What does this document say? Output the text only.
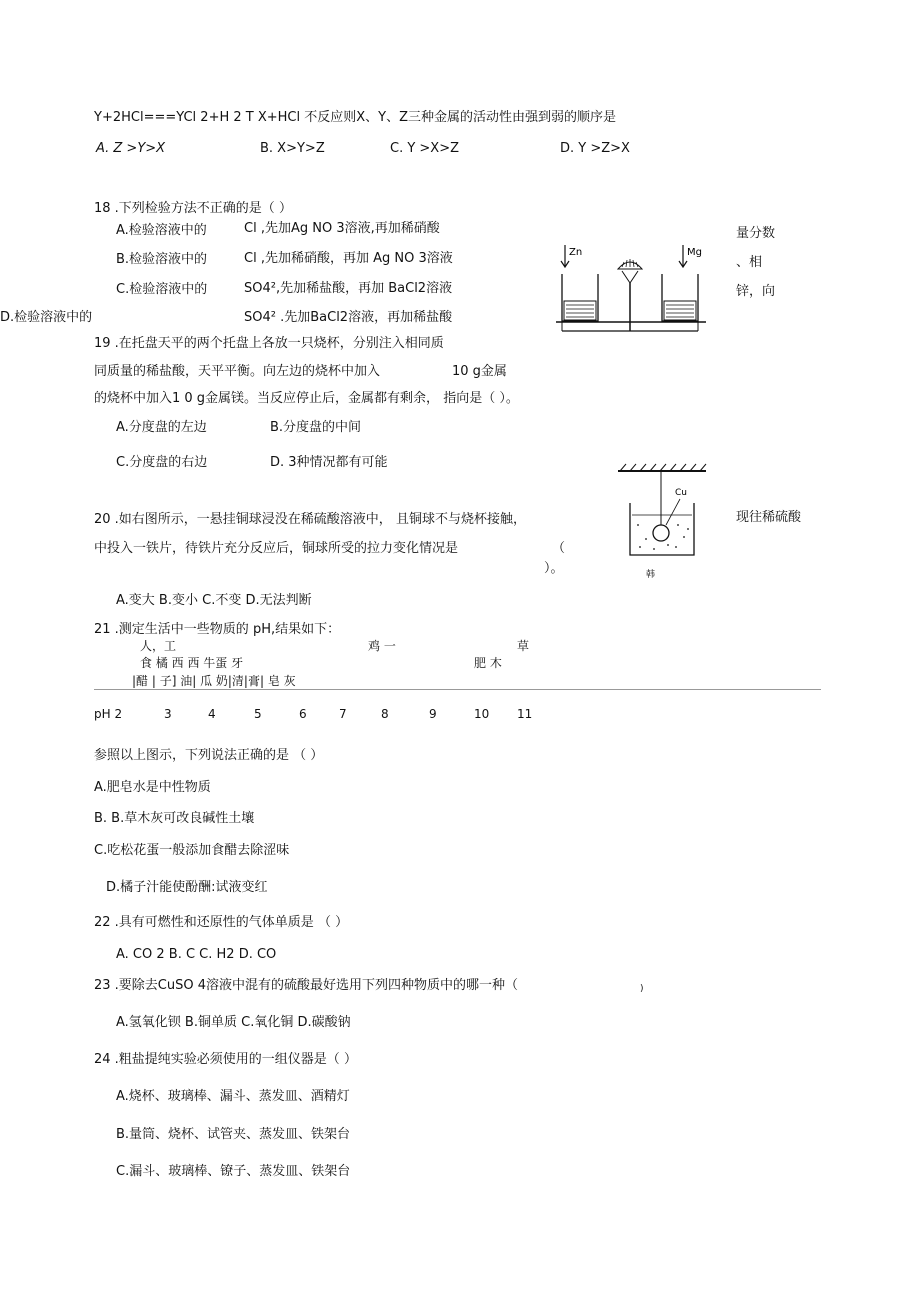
Y+2HCl===YCl 2+H 2 T X+HCl 不反应则X、Y、Z三种金属的活动性由强到弱的顺序是
A. Z >Y>X	B. X>Y>Z	C. Y >X>Z	D. Y >Z>X
18 .下列检验方法不正确的是（ ）
A.检验溶液中的	Cl ,先加Ag NO 3溶液,再加稀硝酸
B.检验溶液中的	Cl ,先加稀硝酸，再加 Ag NO 3溶液
C.检验溶液中的	SO4²,先加稀盐酸，再加 BaCl2溶液
D.检验溶液中的	SO4² .先加BaCl2溶液，再加稀盐酸
量分数
、相
锌，向
现往稀硫酸
Zn	Mg
19 .在托盘天平的两个托盘上各放一只烧杯，分别注入相同质
同质量的稀盐酸，天平平衡。向左边的烧杯中加入	10 g金属
的烧杯中加入1 0 g金属镁。当反应停止后，金属都有剩余， 指向是（ ）。
A.分度盘的左边	B.分度盘的中间
C.分度盘的右边	D. 3种情况都有可能
Cu
韩
20 .如右图所示，一悬挂铜球浸没在稀硫酸溶液中， 且铜球不与烧杯接触，
中投入一铁片，待铁片充分反应后，铜球所受的拉力变化情况是	（
）。
A.变大 B.变小 C.不变 D.无法判断
21 .测定生活中一些物质的 pH,结果如下：
人，工	鸡 一	草
食 橘 西 西 牛蛋 牙	肥 木
|醋 | 子] 油| 瓜 奶|清|膏| 皂 灰
pH 2	3	4	5	6	7	8	9	10 11
参照以上图示，下列说法正确的是 （ ）
A.肥皂水是中性物质
B. B.草木灰可改良碱性土壤
C.吃松花蛋一般添加食醋去除涩味
D.橘子汁能使酚酬:试液变红
22 .具有可燃性和还原性的气体单质是 （ ）
A. CO 2 B. C C. H2 D. CO
23 .要除去CuSO 4溶液中混有的硫酸最好选用下列四种物质中的哪一种（	)
A.氢氧化钡 B.铜单质 C.氧化铜 D.碳酸钠
24 .粗盐提纯实验必须使用的一组仪器是（ ）
A.烧杯、玻璃棒、漏斗、蒸发皿、酒精灯
B.量筒、烧杯、试管夹、蒸发皿、铁架台
C.漏斗、玻璃棒、镣子、蒸发皿、铁架台
